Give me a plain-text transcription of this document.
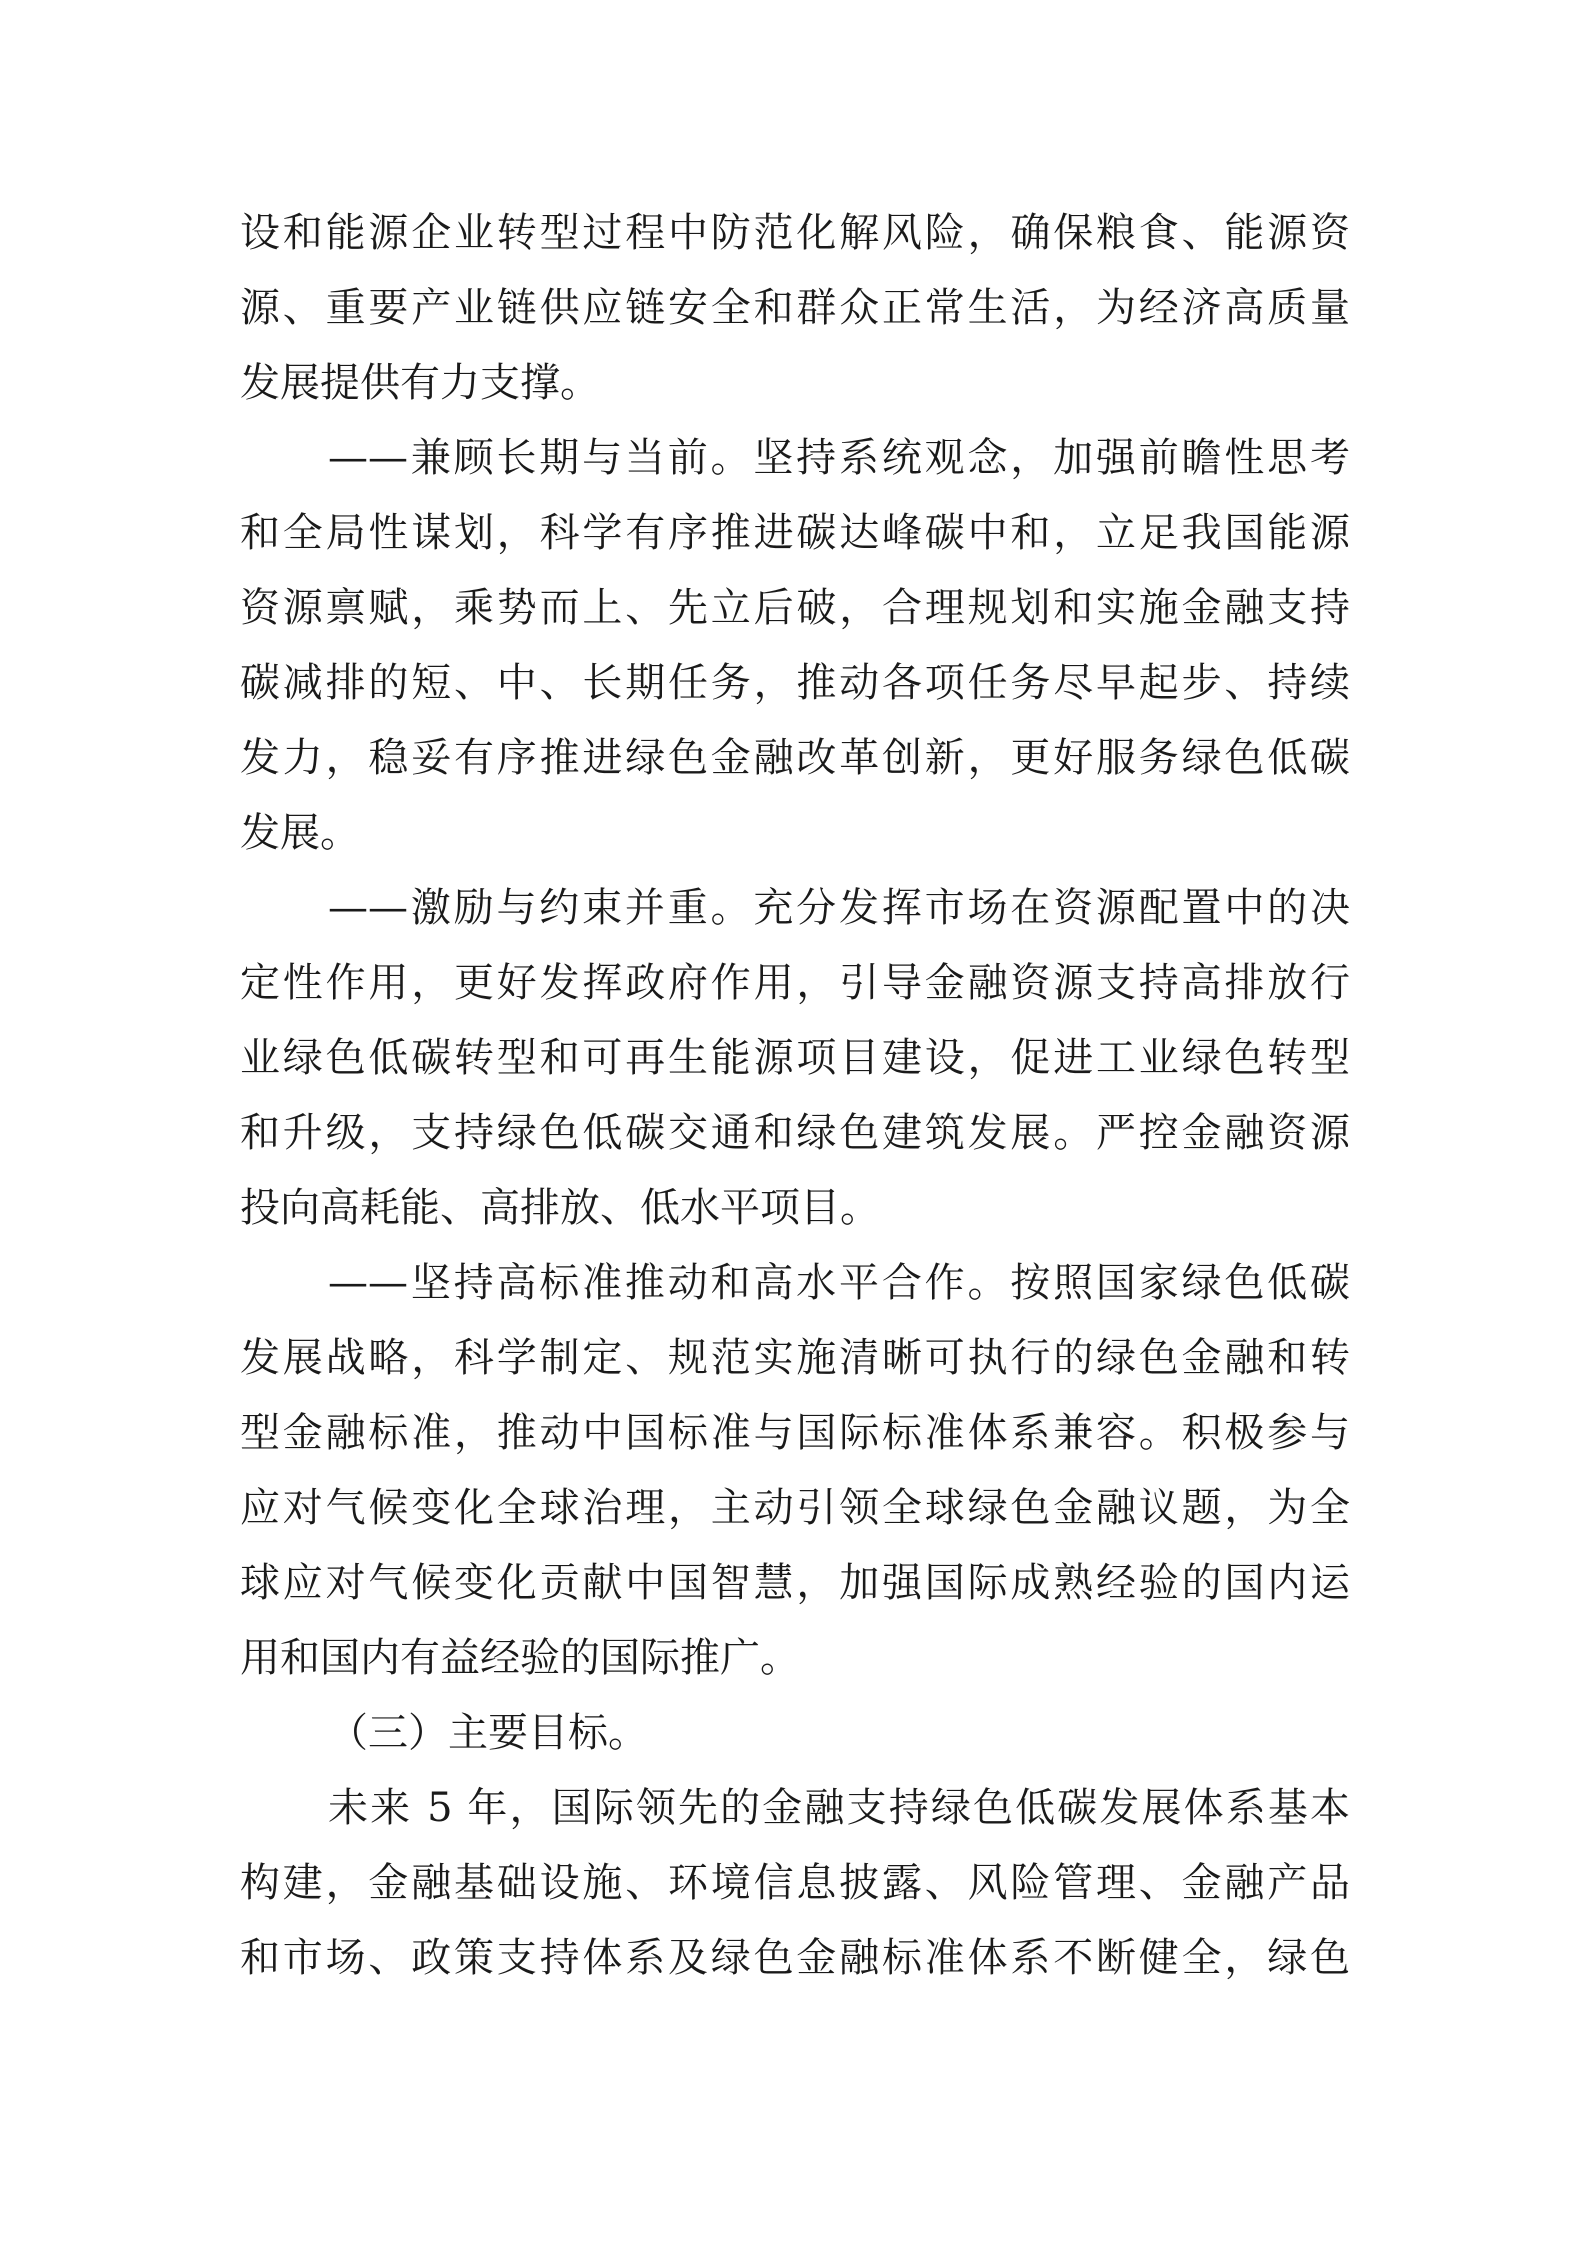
设和能源企业转型过程中防范化解风险，确保粮食、能源资
源、重要产业链供应链安全和群众正常生活，为经济高质量
发展提供有力支撑。
——兼顾长期与当前。坚持系统观念，加强前瞻性思考
和全局性谋划，科学有序推进碳达峰碳中和，立足我国能源
资源禀赋，乘势而上、先立后破，合理规划和实施金融支持
碳减排的短、中、长期任务，推动各项任务尽早起步、持续
发力，稳妥有序推进绿色金融改革创新，更好服务绿色低碳
发展。
——激励与约束并重。充分发挥市场在资源配置中的决
定性作用，更好发挥政府作用，引导金融资源支持高排放行
业绿色低碳转型和可再生能源项目建设，促进工业绿色转型
和升级，支持绿色低碳交通和绿色建筑发展。严控金融资源
投向高耗能、高排放、低水平项目。
——坚持高标准推动和高水平合作。按照国家绿色低碳
发展战略，科学制定、规范实施清晰可执行的绿色金融和转
型金融标准，推动中国标准与国际标准体系兼容。积极参与
应对气候变化全球治理，主动引领全球绿色金融议题，为全
球应对气候变化贡献中国智慧，加强国际成熟经验的国内运
用和国内有益经验的国际推广。
（三）主要目标。
未来 5 年，国际领先的金融支持绿色低碳发展体系基本
构建，金融基础设施、环境信息披露、风险管理、金融产品
和市场、政策支持体系及绿色金融标准体系不断健全，绿色
